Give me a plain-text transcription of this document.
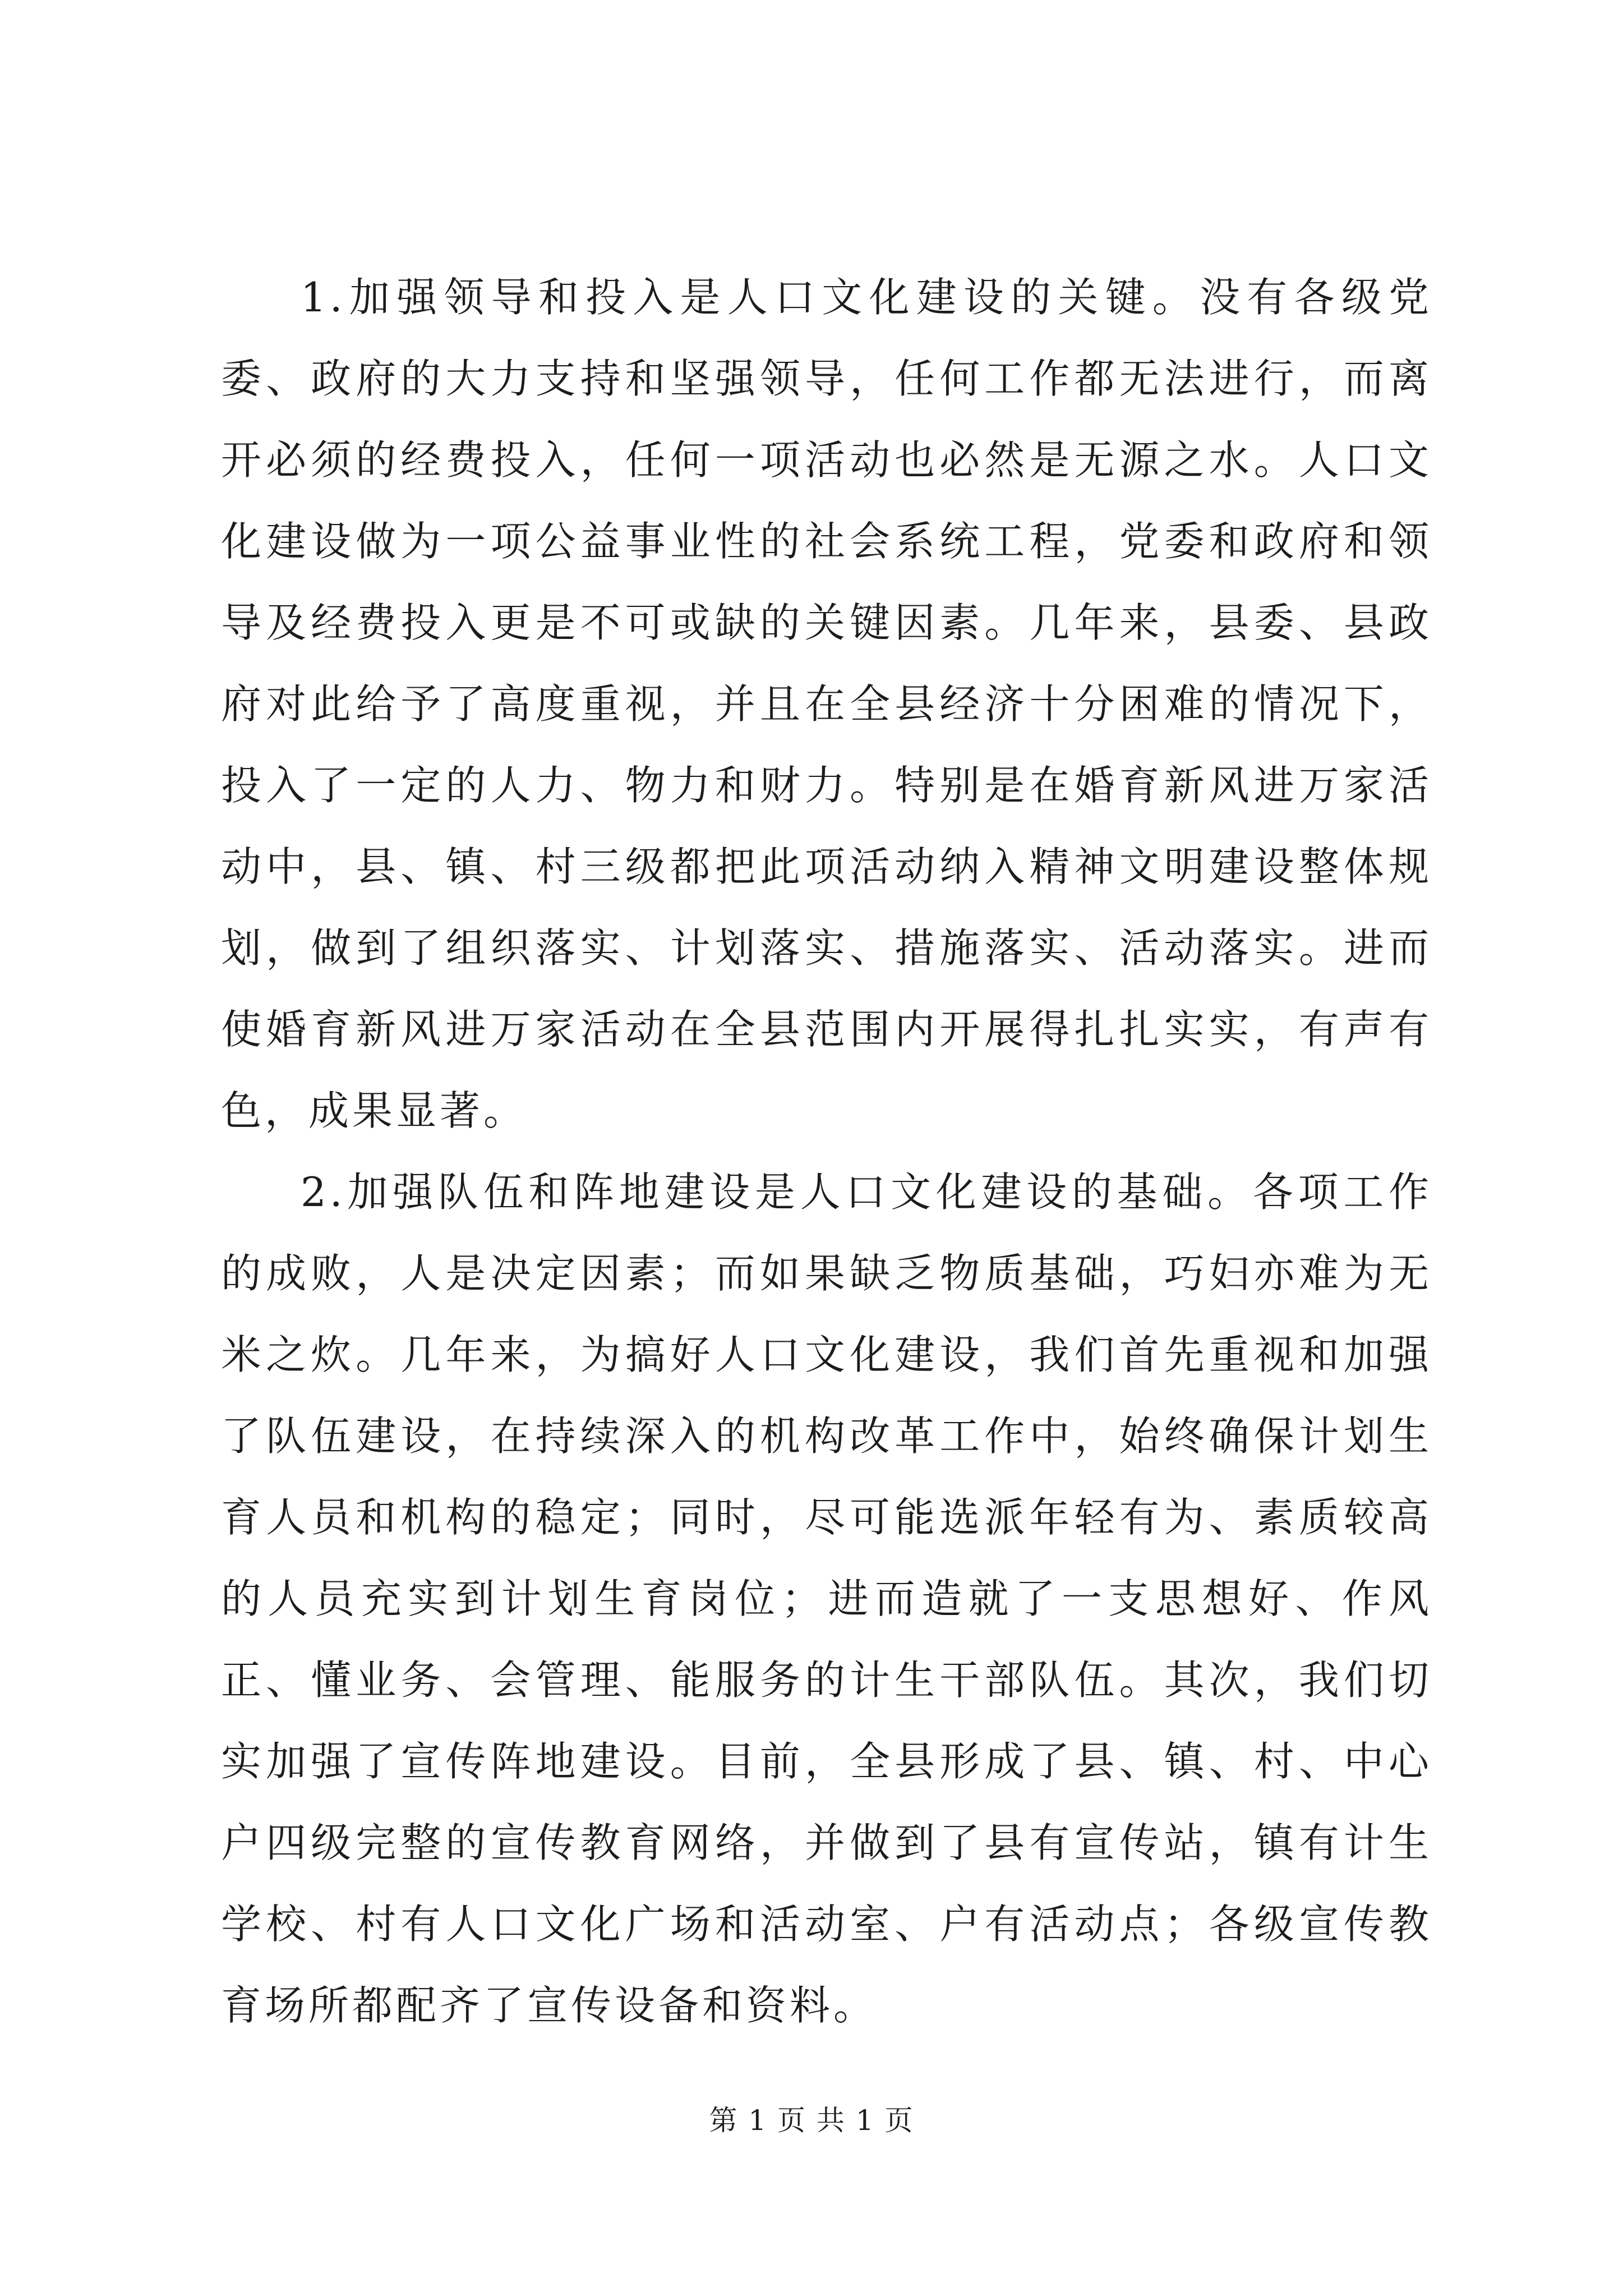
1.加强领导和投入是人口文化建设的关键。没有各级党委、政府的大力支持和坚强领导，任何工作都无法进行，而离开必须的经费投入，任何一项活动也必然是无源之水。人口文化建设做为一项公益事业性的社会系统工程，党委和政府和领导及经费投入更是不可或缺的关键因素。几年来，县委、县政府对此给予了高度重视，并且在全县经济十分困难的情况下，投入了一定的人力、物力和财力。特别是在婚育新风进万家活动中，县、镇、村三级都把此项活动纳入精神文明建设整体规划，做到了组织落实、计划落实、措施落实、活动落实。进而使婚育新风进万家活动在全县范围内开展得扎扎实实，有声有色，成果显著。

2.加强队伍和阵地建设是人口文化建设的基础。各项工作的成败，人是决定因素；而如果缺乏物质基础，巧妇亦难为无米之炊。几年来，为搞好人口文化建设，我们首先重视和加强了队伍建设，在持续深入的机构改革工作中，始终确保计划生育人员和机构的稳定；同时，尽可能选派年轻有为、素质较高的人员充实到计划生育岗位；进而造就了一支思想好、作风正、懂业务、会管理、能服务的计生干部队伍。其次，我们切实加强了宣传阵地建设。目前，全县形成了县、镇、村、中心户四级完整的宣传教育网络，并做到了县有宣传站，镇有计生学校、村有人口文化广场和活动室、户有活动点；各级宣传教育场所都配齐了宣传设备和资料。

第 1 页 共 1 页
